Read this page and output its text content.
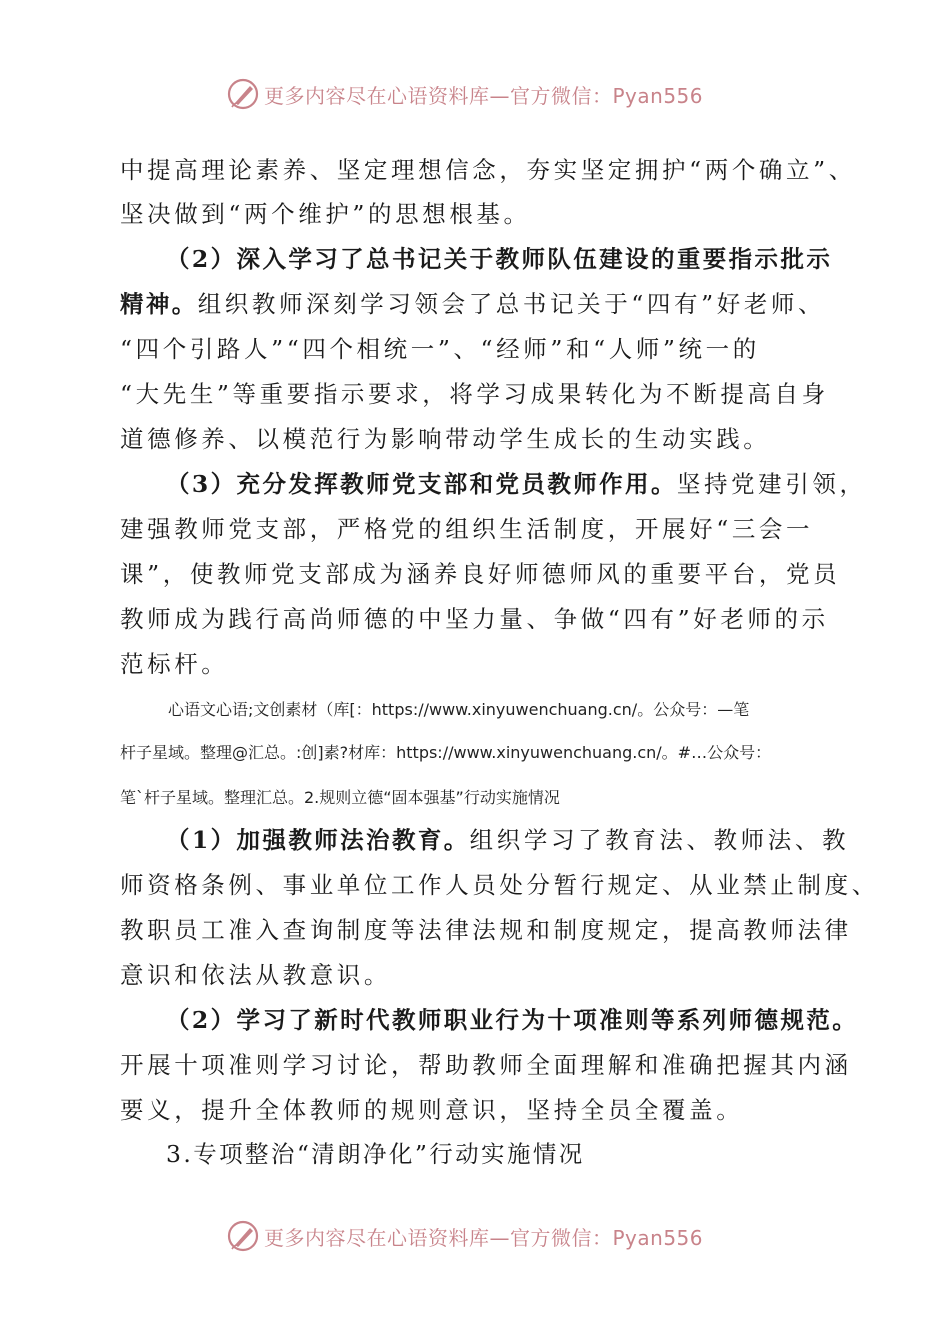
更多内容尽在心语资料库—官方微信：Pyan556
中提高理论素养、坚定理想信念，夯实坚定拥护“两个确立”、
坚决做到“两个维护”的思想根基。
（2）深入学习了总书记关于教师队伍建设的重要指示批示
精神。组织教师深刻学习领会了总书记关于“四有”好老师、
“四个引路人”“四个相统一”、“经师”和“人师”统一的
“大先生”等重要指示要求，将学习成果转化为不断提高自身
道德修养、以模范行为影响带动学生成长的生动实践。
（3）充分发挥教师党支部和党员教师作用。坚持党建引领，
建强教师党支部，严格党的组织生活制度，开展好“三会一
课”，使教师党支部成为涵养良好师德师风的重要平台，党员
教师成为践行高尚师德的中坚力量、争做“四有”好老师的示
范标杆。
心语文心语;文创素材（库[：https://www.xinyuwenchuang.cn/。公众号：—笔
杆子星域。整理@汇总。:创]素?材库：https://www.xinyuwenchuang.cn/。#…公众号：
笔`杆子星域。整理汇总。2.规则立德“固本强基”行动实施情况
（1）加强教师法治教育。组织学习了教育法、教师法、教
师资格条例、事业单位工作人员处分暂行规定、从业禁止制度、
教职员工准入查询制度等法律法规和制度规定，提高教师法律
意识和依法从教意识。
（2）学习了新时代教师职业行为十项准则等系列师德规范。
开展十项准则学习讨论，帮助教师全面理解和准确把握其内涵
要义，提升全体教师的规则意识，坚持全员全覆盖。
3.专项整治“清朗净化”行动实施情况
更多内容尽在心语资料库—官方微信：Pyan556
